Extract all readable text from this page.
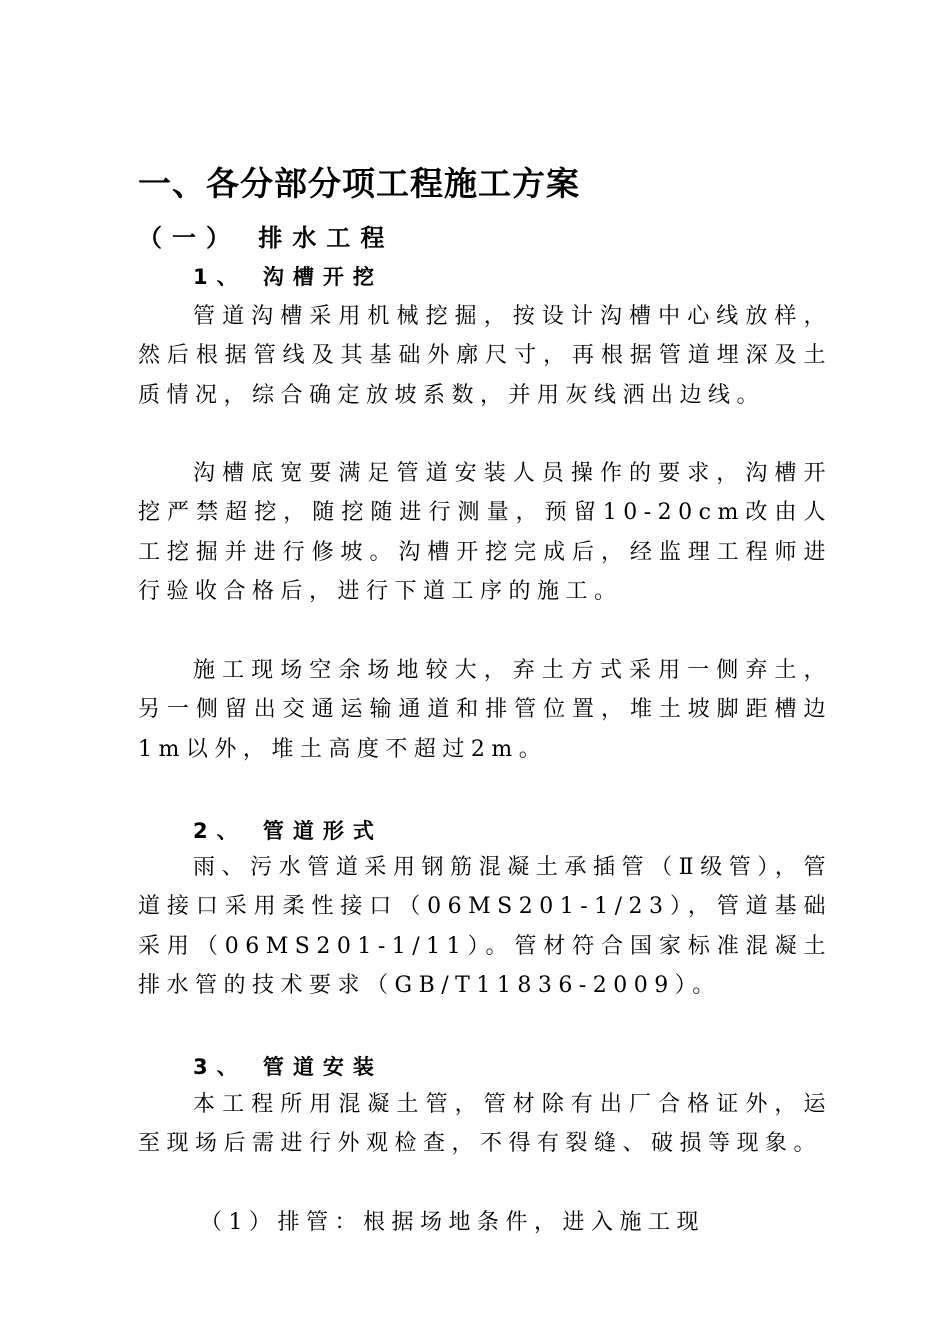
一、各分部分项工程施工方案
（一） 排水工程
1、 沟槽开挖

管道沟槽采用机械挖掘，按设计沟槽中心线放样，然后根据管线及其基础外廓尺寸，再根据管道埋深及土质情况，综合确定放坡系数，并用灰线洒出边线。

沟槽底宽要满足管道安装人员操作的要求，沟槽开挖严禁超挖，随挖随进行测量，预留10-20cm改由人工挖掘并进行修坡。沟槽开挖完成后，经监理工程师进行验收合格后，进行下道工序的施工。

施工现场空余场地较大，弃土方式采用一侧弃土，另一侧留出交通运输通道和排管位置，堆土坡脚距槽边1m以外，堆土高度不超过2m。

2、 管道形式

雨、污水管道采用钢筋混凝土承插管（Ⅱ级管），管道接口采用柔性接口（06MS201-1/23），管道基础采用（06MS201-1/11）。管材符合国家标准混凝土排水管的技术要求（GB/T11836-2009）。

3、 管道安装

本工程所用混凝土管，管材除有出厂合格证外，运至现场后需进行外观检查，不得有裂缝、破损等现象。

（1）排管：根据场地条件，进入施工现
